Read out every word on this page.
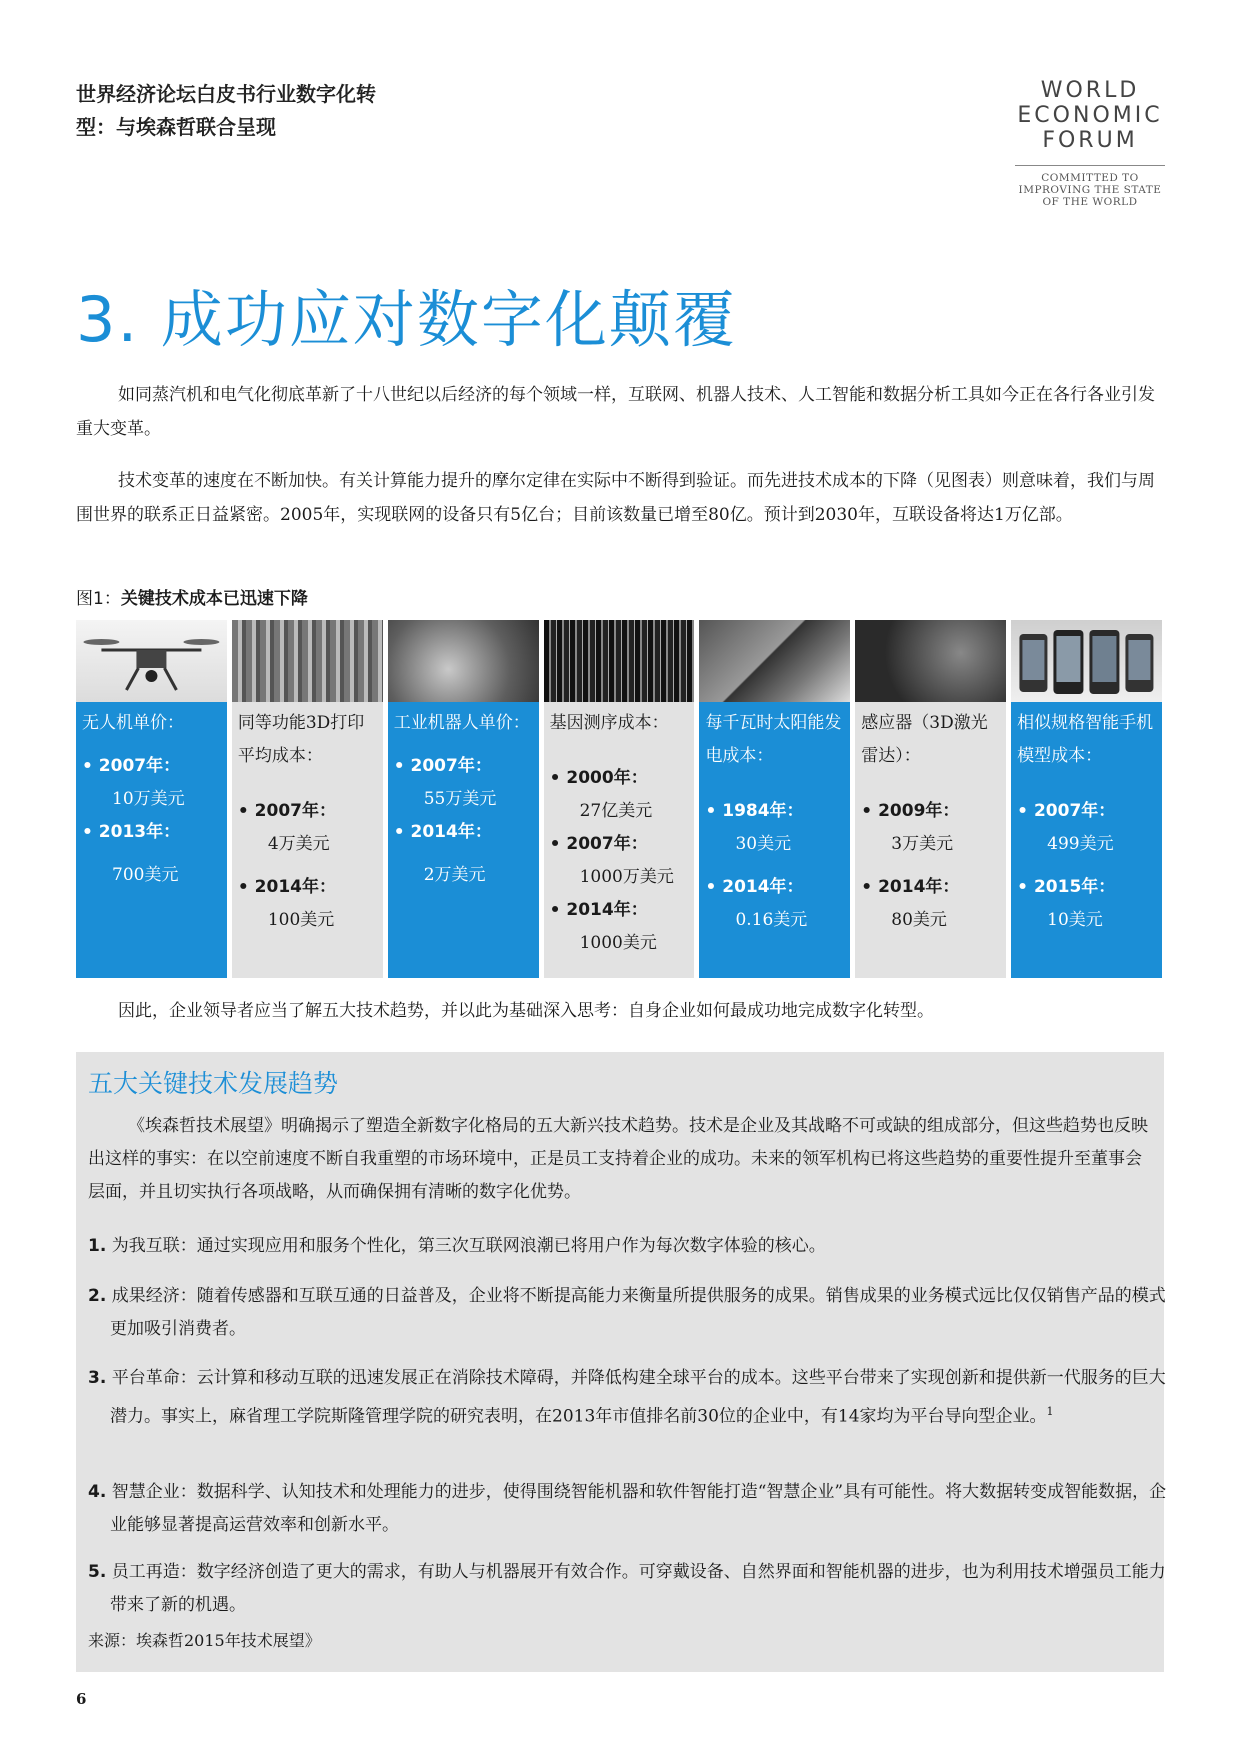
世界经济论坛白皮书行业数字化转型：与埃森哲联合呈现
WORLD
ECONOMIC
FORUM
COMMITTED TO
IMPROVING THE STATE
OF THE WORLD
3. 成功应对数字化颠覆

如同蒸汽机和电气化彻底革新了十八世纪以后经济的每个领域一样，互联网、机器人技术、人工智能和数据分析工具如今正在各行各业引发重大变革。

技术变革的速度在不断加快。有关计算能力提升的摩尔定律在实际中不断得到验证。而先进技术成本的下降（见图表）则意味着，我们与周围世界的联系正日益紧密。2005年，实现联网的设备只有5亿台；目前该数量已增至80亿。预计到2030年，互联设备将达1万亿部。

图1：关键技术成本已迅速下降
无人机单价：
• 2007年：
10万美元
• 2013年：
700美元
同等功能3D打印平均成本：
• 2007年：
4万美元
• 2014年：
100美元
工业机器人单价：
• 2007年：
55万美元
• 2014年：
2万美元
基因测序成本：
• 2000年：
27亿美元
• 2007年：
1000万美元
• 2014年：
1000美元
每千瓦时太阳能发电成本：
• 1984年：
30美元
• 2014年：
0.16美元
感应器（3D激光雷达）：
• 2009年：
3万美元
• 2014年：
80美元
相似规格智能手机模型成本：
• 2007年：
499美元
• 2015年：
10美元

因此，企业领导者应当了解五大技术趋势，并以此为基础深入思考：自身企业如何最成功地完成数字化转型。

五大关键技术发展趋势

《埃森哲技术展望》明确揭示了塑造全新数字化格局的五大新兴技术趋势。技术是企业及其战略不可或缺的组成部分，但这些趋势也反映出这样的事实：在以空前速度不断自我重塑的市场环境中，正是员工支持着企业的成功。未来的领军机构已将这些趋势的重要性提升至董事会层面，并且切实执行各项战略，从而确保拥有清晰的数字化优势。

1. 为我互联：通过实现应用和服务个性化，第三次互联网浪潮已将用户作为每次数字体验的核心。

2. 成果经济：随着传感器和互联互通的日益普及，企业将不断提高能力来衡量所提供服务的成果。销售成果的业务模式远比仅仅销售产品的模式更加吸引消费者。

3. 平台革命：云计算和移动互联的迅速发展正在消除技术障碍，并降低构建全球平台的成本。这些平台带来了实现创新和提供新一代服务的巨大潜力。事实上，麻省理工学院斯隆管理学院的研究表明，在2013年市值排名前30位的企业中，有14家均为平台导向型企业。$^1$

4. 智慧企业：数据科学、认知技术和处理能力的进步，使得围绕智能机器和软件智能打造“智慧企业”具有可能性。将大数据转变成智能数据，企业能够显著提高运营效率和创新水平。

5. 员工再造：数字经济创造了更大的需求，有助人与机器展开有效合作。可穿戴设备、自然界面和智能机器的进步，也为利用技术增强员工能力带来了新的机遇。

来源：埃森哲2015年技术展望》
6
